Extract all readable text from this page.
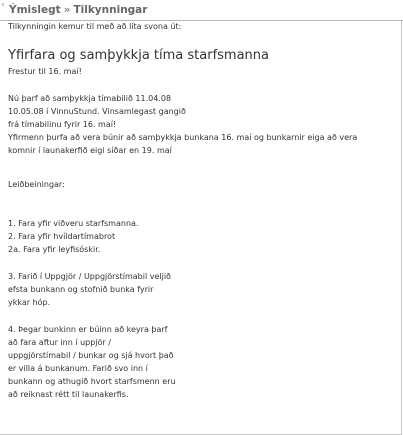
‹ Ýmislegt » Tilkynningar

Tilkynningin kemur til með að líta svona út:

Yfirfara og samþykkja tíma starfsmanna

Frestur til 16. maí!

Nú þarf að samþykkja tímabilið 11.04.08
10.05.08 í VinnuStund. Vinsamlegast gangið
frá tímabilinu fyrir 16. maí!
Yfirmenn þurfa að vera búnir að samþykkja bunkana 16. maí og bunkarnir eiga að vera
komnir í launakerfið eigi síðar en 19. maí

Leiðbeiningar:

1. Fara yfir viðveru starfsmanna.
2. Fara yfir hvíldartímabrot
2a. Fara yfir leyfisóskir.
3. Farið í Uppgjör / Uppgjörstímabil veljið
efsta bunkann og stofnið bunka fyrir
ykkar hóp.
4. Þegar bunkinn er búinn að keyra þarf
að fara aftur inn í uppjör /
uppgjörstímabil / bunkar og sjá hvort það
er villa á bunkanum. Farið svo inn í
bunkann og athugið hvort starfsmenn eru
að reiknast rétt til launakerfis.
